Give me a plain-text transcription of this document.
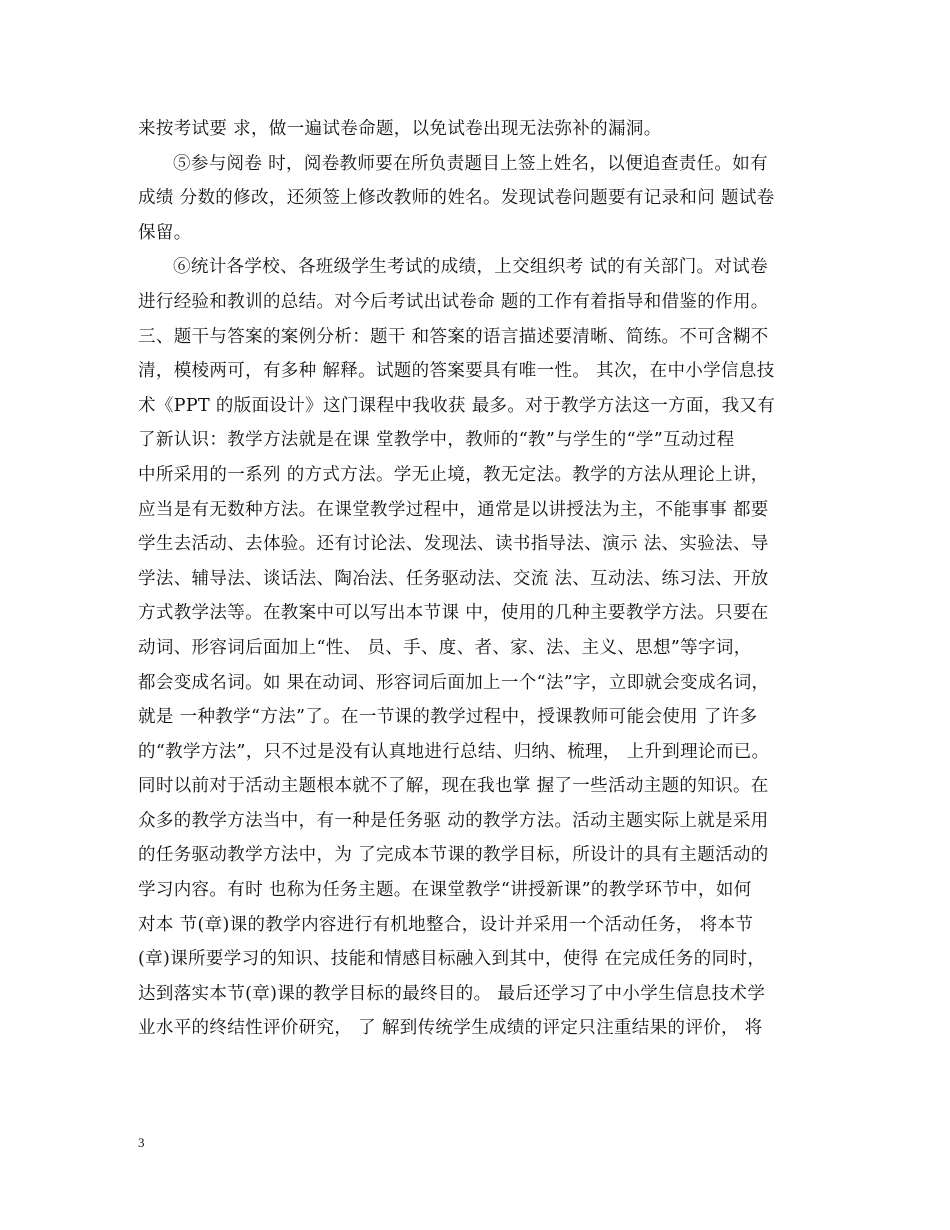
来按考试要 求，做一遍试卷命题，以免试卷出现无法弥补的漏洞。
⑤参与阅卷 时，阅卷教师要在所负责题目上签上姓名，以便追查责任。如有
成绩 分数的修改，还须签上修改教师的姓名。发现试卷问题要有记录和问 题试卷
保留。
⑥统计各学校、各班级学生考试的成绩，上交组织考 试的有关部门。对试卷
进行经验和教训的总结。对今后考试出试卷命 题的工作有着指导和借鉴的作用。
三、题干与答案的案例分析：题干 和答案的语言描述要清晰、简练。不可含糊不
清，模棱两可，有多种 解释。试题的答案要具有唯一性。 其次，在中小学信息技
术《PPT 的版面设计》这门课程中我收获 最多。对于教学方法这一方面，我又有
了新认识：教学方法就是在课 堂教学中，教师的“教”与学生的“学”互动过程
中所采用的一系列 的方式方法。学无止境，教无定法。教学的方法从理论上讲，
应当是有无数种方法。在课堂教学过程中，通常是以讲授法为主，不能事事 都要
学生去活动、去体验。还有讨论法、发现法、读书指导法、演示 法、实验法、导
学法、辅导法、谈话法、陶冶法、任务驱动法、交流 法、互动法、练习法、开放
方式教学法等。在教案中可以写出本节课 中，使用的几种主要教学方法。只要在
动词、形容词后面加上“性、 员、手、度、者、家、法、主义、思想”等字词，
都会变成名词。如 果在动词、形容词后面加上一个“法”字，立即就会变成名词，
就是 一种教学“方法”了。在一节课的教学过程中，授课教师可能会使用 了许多
的“教学方法”，只不过是没有认真地进行总结、归纳、梳理， 上升到理论而已。
同时以前对于活动主题根本就不了解，现在我也掌 握了一些活动主题的知识。在
众多的教学方法当中，有一种是任务驱 动的教学方法。活动主题实际上就是采用
的任务驱动教学方法中，为 了完成本节课的教学目标，所设计的具有主题活动的
学习内容。有时 也称为任务主题。在课堂教学“讲授新课”的教学环节中，如何
对本 节(章)课的教学内容进行有机地整合，设计并采用一个活动任务， 将本节
(章)课所要学习的知识、技能和情感目标融入到其中，使得 在完成任务的同时，
达到落实本节(章)课的教学目标的最终目的。 最后还学习了中小学生信息技术学
业水平的终结性评价研究， 了 解到传统学生成绩的评定只注重结果的评价， 将
3
